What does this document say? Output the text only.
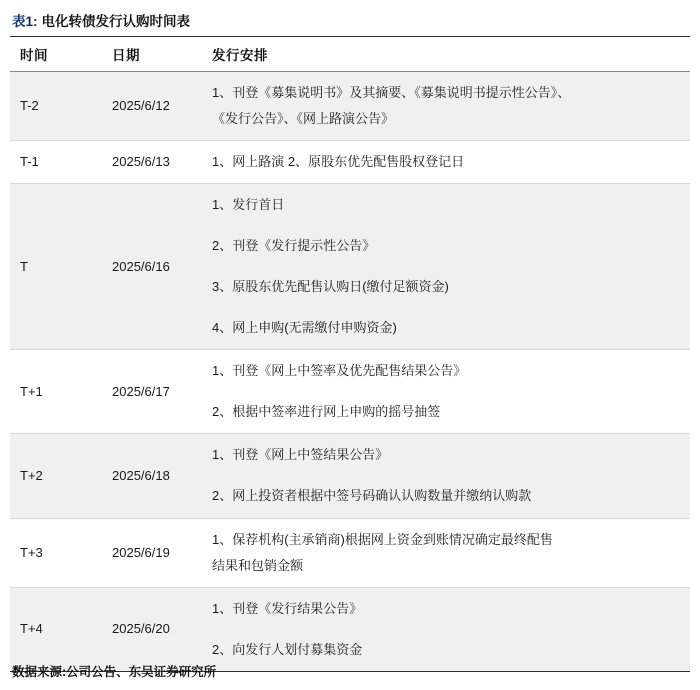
表1 : 电化转债发行认购时间表
时间	日期	发行安排
T-2	2025/6/12	1、刊登《募集说明书》及其摘要、《募集说明书提示性公告》、
《发行公告》、《网上路演公告》

T-1	2025/6/13	1、网上路演 2、原股东优先配售股权登记日

T	2025/6/16	1、发行首日
2、刊登《发行提示性公告》
3、原股东优先配售认购日(缴付足额资金)
4、网上申购(无需缴付申购资金)

T+1	2025/6/17	1、刊登《网上中签率及优先配售结果公告》
2、根据中签率进行网上申购的摇号抽签

T+2	2025/6/18	1、刊登《网上中签结果公告》
2、网上投资者根据中签号码确认认购数量并缴纳认购款

T+3	2025/6/19	1、保荐机构(主承销商)根据网上资金到账情况确定最终配售
结果和包销金额

T+4	2025/6/20	1、刊登《发行结果公告》
2、向发行人划付募集资金
数据来源:公司公告、东吴证券研究所
